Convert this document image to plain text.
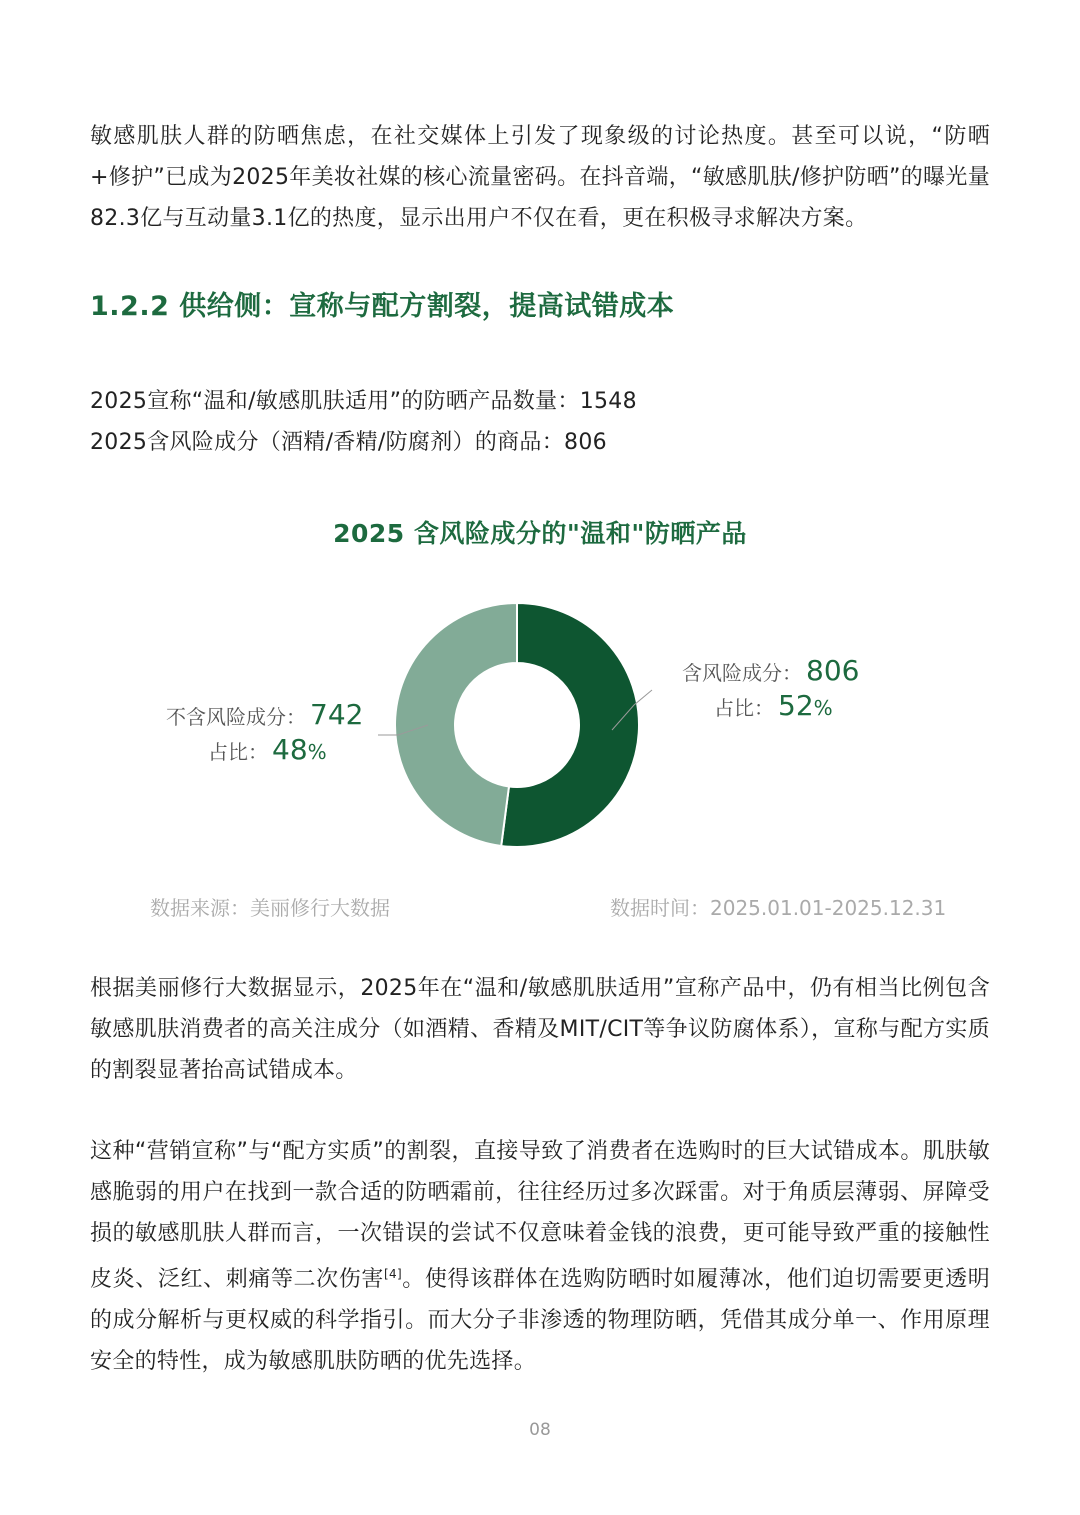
敏感肌肤人群的防晒焦虑，在社交媒体上引发了现象级的讨论热度。甚至可以说，“防晒+修护”已成为2025年美妆社媒的核心流量密码。在抖音端，“敏感肌肤/修护防晒”的曝光量82.3亿与互动量3.1亿的热度，显示出用户不仅在看，更在积极寻求解决方案。

1.2.2 供给侧：宣称与配方割裂，提高试错成本

2025宣称“温和/敏感肌肤适用”的防晒产品数量：1548

2025含风险成分（酒精/香精/防腐剂）的商品：806

2025 含风险成分的"温和"防晒产品
含风险成分： 806
占比： 52%
不含风险成分： 742
占比： 48%
数据来源：美丽修行大数据	数据时间：2025.01.01-2025.12.31

根据美丽修行大数据显示，2025年在“温和/敏感肌肤适用”宣称产品中，仍有相当比例包含敏感肌肤消费者的高关注成分（如酒精、香精及MIT/CIT等争议防腐体系），宣称与配方实质的割裂显著抬高试错成本。

这种“营销宣称”与“配方实质”的割裂，直接导致了消费者在选购时的巨大试错成本。肌肤敏感脆弱的用户在找到一款合适的防晒霜前，往往经历过多次踩雷。对于角质层薄弱、屏障受损的敏感肌肤人群而言，一次错误的尝试不仅意味着金钱的浪费，更可能导致严重的接触性皮炎、泛红、刺痛等二次伤害[4]。使得该群体在选购防晒时如履薄冰，他们迫切需要更透明的成分解析与更权威的科学指引。而大分子非渗透的物理防晒，凭借其成分单一、作用原理安全的特性，成为敏感肌肤防晒的优先选择。

08
